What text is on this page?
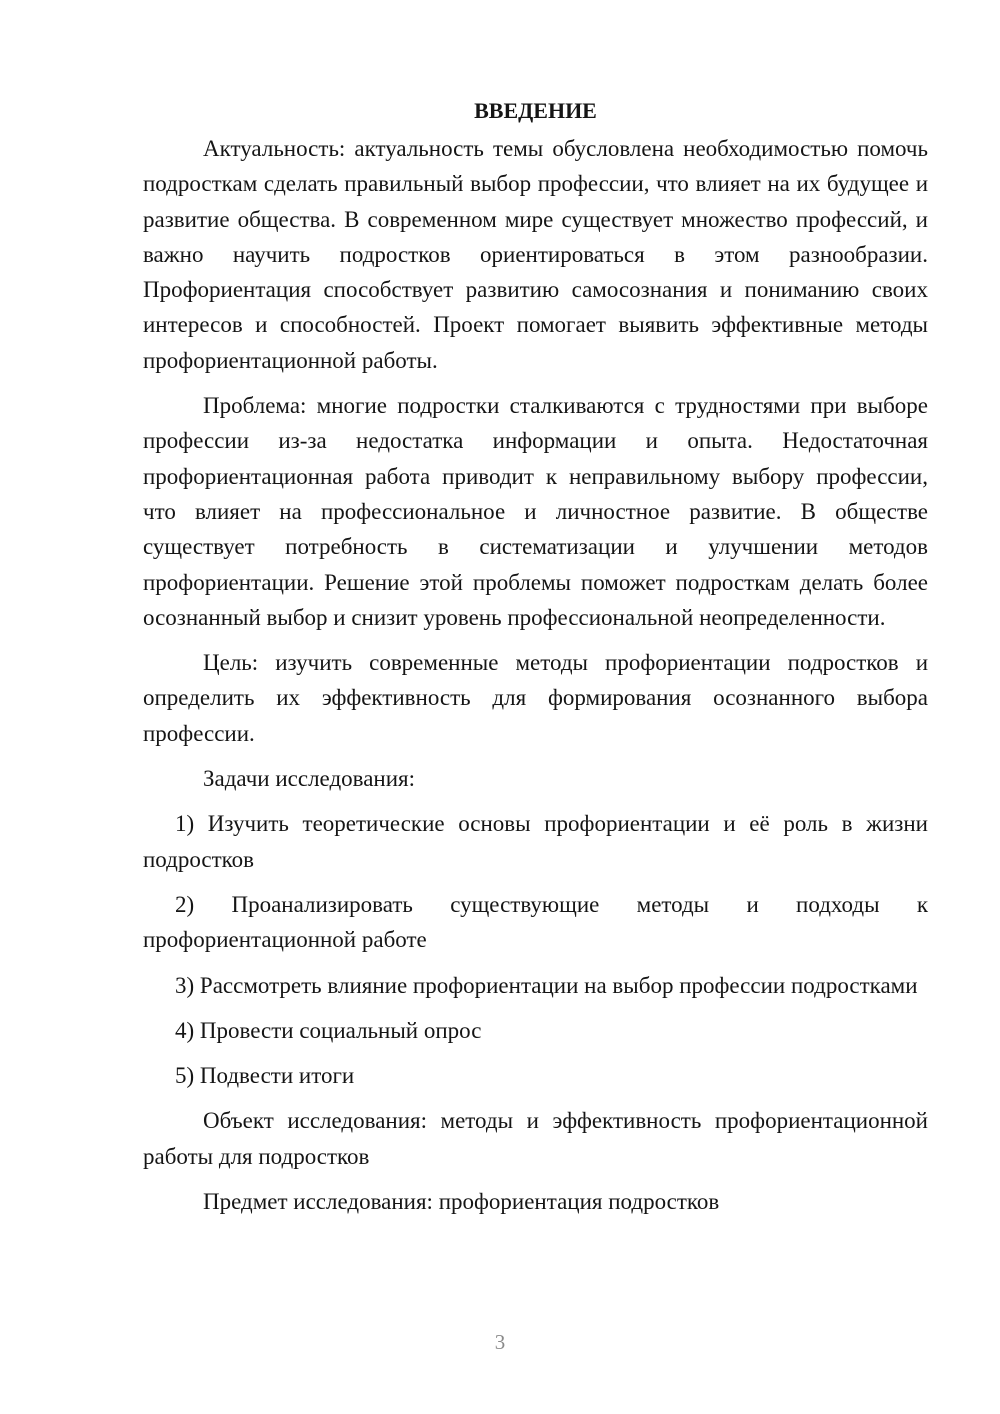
ВВЕДЕНИЕ

Актуальность: актуальность темы обусловлена необходимостью помочь подросткам сделать правильный выбор профессии, что влияет на их будущее и развитие общества. В современном мире существует множество профессий, и важно научить подростков ориентироваться в этом разнообразии. Профориентация способствует развитию самосознания и пониманию своих интересов и способностей. Проект помогает выявить эффективные методы профориентационной работы.

Проблема: многие подростки сталкиваются с трудностями при выборе профессии из-за недостатка информации и опыта. Недостаточная профориентационная работа приводит к неправильному выбору профессии, что влияет на профессиональное и личностное развитие. В обществе существует потребность в систематизации и улучшении методов профориентации. Решение этой проблемы поможет подросткам делать более осознанный выбор и снизит уровень профессиональной неопределенности.

Цель: изучить современные методы профориентации подростков и определить их эффективность для формирования осознанного выбора профессии.

Задачи исследования:

1) Изучить теоретические основы профориентации и её роль в жизни подростков

2) Проанализировать существующие методы и подходы к профориентационной работе

3) Рассмотреть влияние профориентации на выбор профессии подростками

4) Провести социальный опрос

5) Подвести итоги

Объект исследования: методы и эффективность профориентационной работы для подростков

Предмет исследования: профориентация подростков

3
